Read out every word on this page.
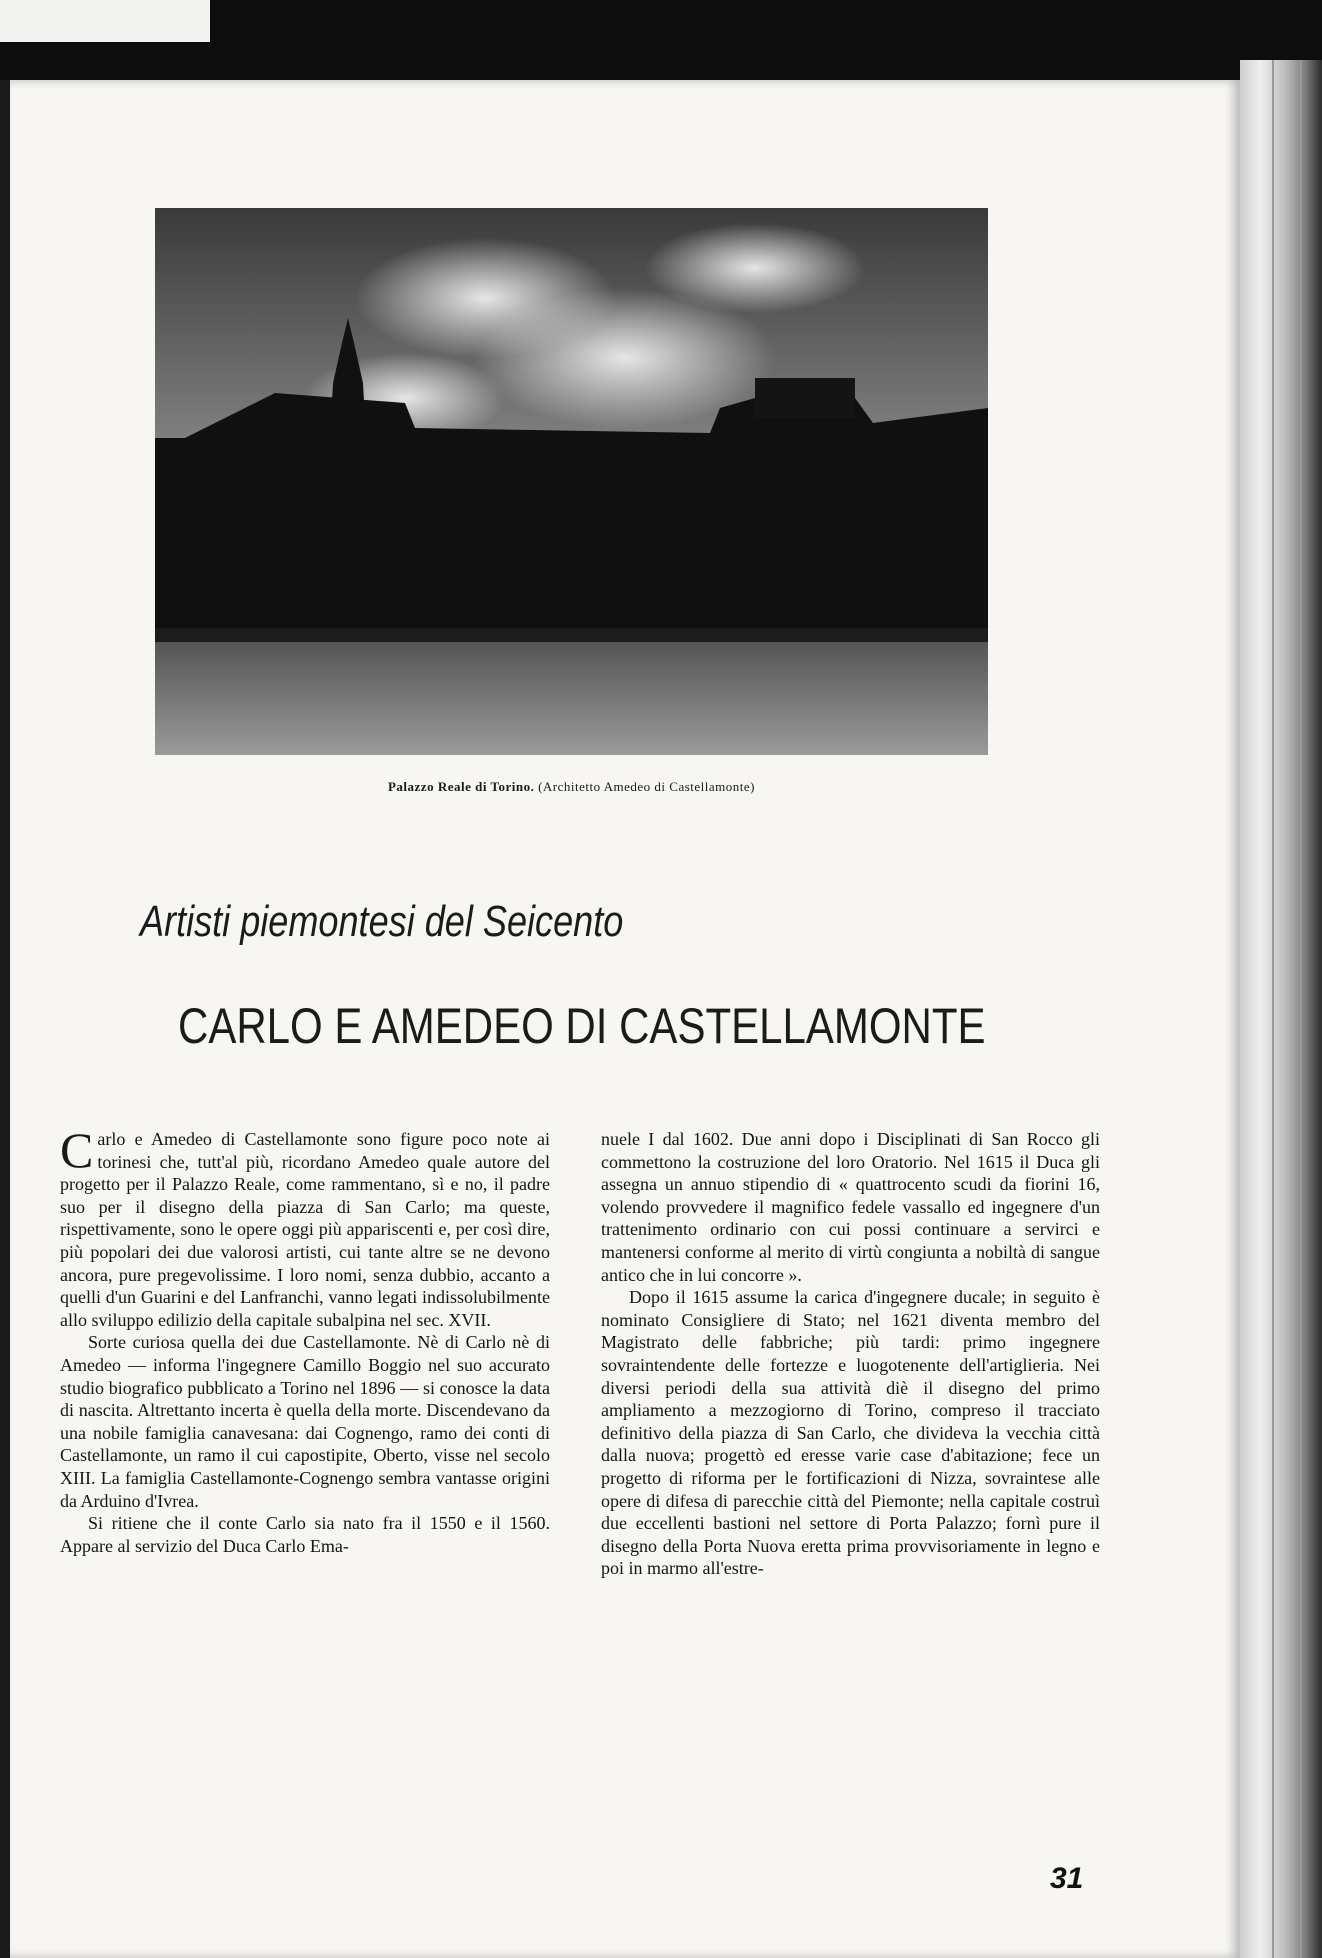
Palazzo Reale di Torino. (Architetto Amedeo di Castellamonte)
Artisti piemontesi del Seicento
CARLO E AMEDEO DI CASTELLAMONTE

Carlo e Amedeo di Castellamonte sono figure poco note ai torinesi che, tutt'al più, ricordano Amedeo quale autore del progetto per il Palazzo Reale, come rammentano, sì e no, il padre suo per il disegno della piazza di San Carlo; ma queste, rispettivamente, sono le opere oggi più appariscenti e, per così dire, più popolari dei due valorosi artisti, cui tante altre se ne devono ancora, pure pregevolissime. I loro nomi, senza dubbio, accanto a quelli d'un Guarini e del Lanfranchi, vanno legati indissolubilmente allo sviluppo edilizio della capitale subalpina nel sec. XVII.

Sorte curiosa quella dei due Castellamonte. Nè di Carlo nè di Amedeo — informa l'ingegnere Camillo Boggio nel suo accurato studio biografico pubblicato a Torino nel 1896 — si conosce la data di nascita. Altrettanto incerta è quella della morte. Discendevano da una nobile famiglia canavesana: dai Cognengo, ramo dei conti di Castellamonte, un ramo il cui capostipite, Oberto, visse nel secolo XIII. La famiglia Castellamonte-Cognengo sembra vantasse origini da Arduino d'Ivrea.

Si ritiene che il conte Carlo sia nato fra il 1550 e il 1560. Appare al servizio del Duca Carlo Ema-

nuele I dal 1602. Due anni dopo i Disciplinati di San Rocco gli commettono la costruzione del loro Oratorio. Nel 1615 il Duca gli assegna un annuo stipendio di « quattrocento scudi da fiorini 16, volendo provvedere il magnifico fedele vassallo ed ingegnere d'un trattenimento ordinario con cui possi continuare a servirci e mantenersi conforme al merito di virtù congiunta a nobiltà di sangue antico che in lui concorre ».

Dopo il 1615 assume la carica d'ingegnere ducale; in seguito è nominato Consigliere di Stato; nel 1621 diventa membro del Magistrato delle fabbriche; più tardi: primo ingegnere sovraintendente delle fortezze e luogotenente dell'artiglieria. Nei diversi periodi della sua attività diè il disegno del primo ampliamento a mezzogiorno di Torino, compreso il tracciato definitivo della piazza di San Carlo, che divideva la vecchia città dalla nuova; progettò ed eresse varie case d'abitazione; fece un progetto di riforma per le fortificazioni di Nizza, sovraintese alle opere di difesa di parecchie città del Piemonte; nella capitale costruì due eccellenti bastioni nel settore di Porta Palazzo; fornì pure il disegno della Porta Nuova eretta prima provvisoriamente in legno e poi in marmo all'estre-

31
